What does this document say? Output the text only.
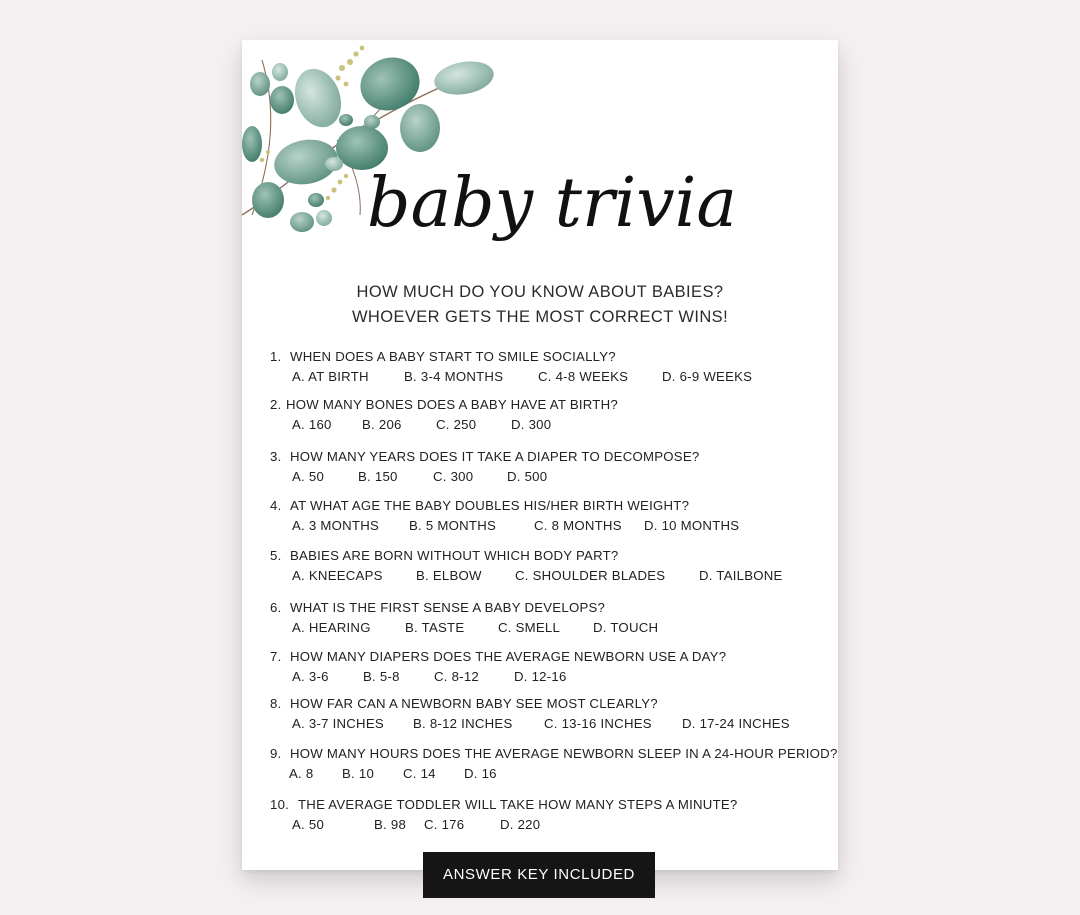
baby trivia
HOW MUCH DO YOU KNOW ABOUT BABIES?
WHOEVER GETS THE MOST CORRECT WINS!
1. WHEN DOES A BABY START TO SMILE SOCIALLY?
A. AT BIRTH	B. 3-4 MONTHS	C. 4-8 WEEKS	D. 6-9 WEEKS
2. HOW MANY BONES DOES A BABY HAVE AT BIRTH?
A. 160 B. 206	C. 250	D. 300
3. HOW MANY YEARS DOES IT TAKE A DIAPER TO DECOMPOSE?
A. 50	B. 150	C. 300	D. 500
4. AT WHAT AGE THE BABY DOUBLES HIS/HER BIRTH WEIGHT?
A. 3 MONTHS B. 5 MONTHS	C. 8 MONTHS D. 10 MONTHS
5. BABIES ARE BORN WITHOUT WHICH BODY PART?
A. KNEECAPS	B. ELBOW	C. SHOULDER BLADES	D. TAILBONE
6. WHAT IS THE FIRST SENSE A BABY DEVELOPS?
A. HEARING	B. TASTE	C. SMELL D. TOUCH
7. HOW MANY DIAPERS DOES THE AVERAGE NEWBORN USE A DAY?
A. 3-6	B. 5-8	C. 8-12	D. 12-16
8. HOW FAR CAN A NEWBORN BABY SEE MOST CLEARLY?
A. 3-7 INCHES B. 8-12 INCHES C. 13-16 INCHES D. 17-24 INCHES
9. HOW MANY HOURS DOES THE AVERAGE NEWBORN SLEEP IN A 24-HOUR PERIOD?
A. 8 B. 10 C. 14 D. 16
10. THE AVERAGE TODDLER WILL TAKE HOW MANY STEPS A MINUTE?
A. 50	B. 98 C. 176	D. 220
ANSWER KEY INCLUDED
